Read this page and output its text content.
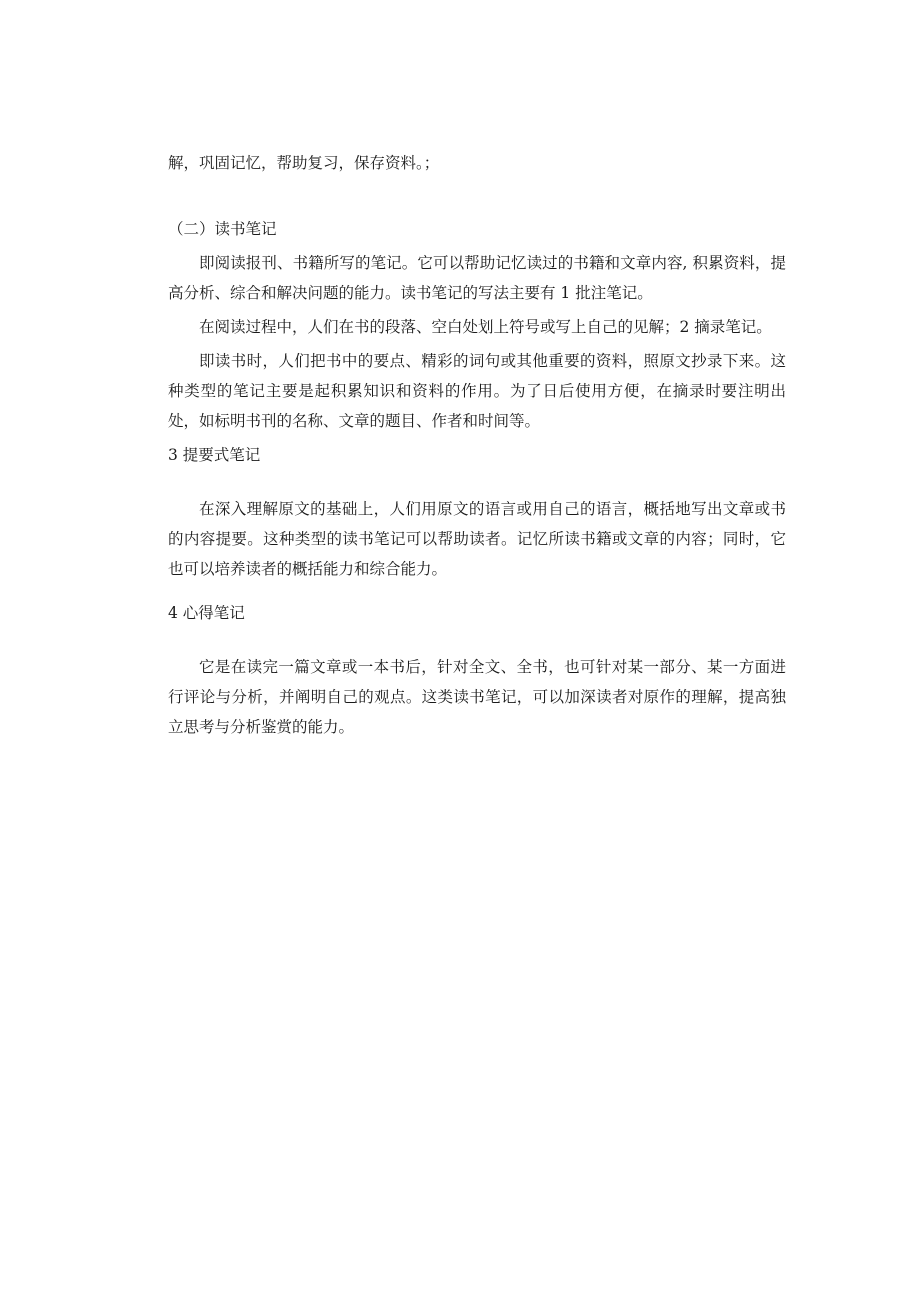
解，巩固记忆，帮助复习，保存资料。；

（二）读书笔记

即阅读报刊、书籍所写的笔记。它可以帮助记忆读过的书籍和文章内容, 积累资料，提高分析、综合和解决问题的能力。读书笔记的写法主要有 1 批注笔记。

在阅读过程中，人们在书的段落、空白处划上符号或写上自己的见解；2 摘录笔记。

即读书时，人们把书中的要点、精彩的词句或其他重要的资料，照原文抄录下来。这种类型的笔记主要是起积累知识和资料的作用。为了日后使用方便，在摘录时要注明出处，如标明书刊的名称、文章的题目、作者和时间等。

3 提要式笔记

在深入理解原文的基础上，人们用原文的语言或用自己的语言，概括地写出文章或书的内容提要。这种类型的读书笔记可以帮助读者。记忆所读书籍或文章的内容；同时，它也可以培养读者的概括能力和综合能力。

4 心得笔记

它是在读完一篇文章或一本书后，针对全文、全书，也可针对某一部分、某一方面进行评论与分析，并阐明自己的观点。这类读书笔记，可以加深读者对原作的理解，提高独立思考与分析鉴赏的能力。
